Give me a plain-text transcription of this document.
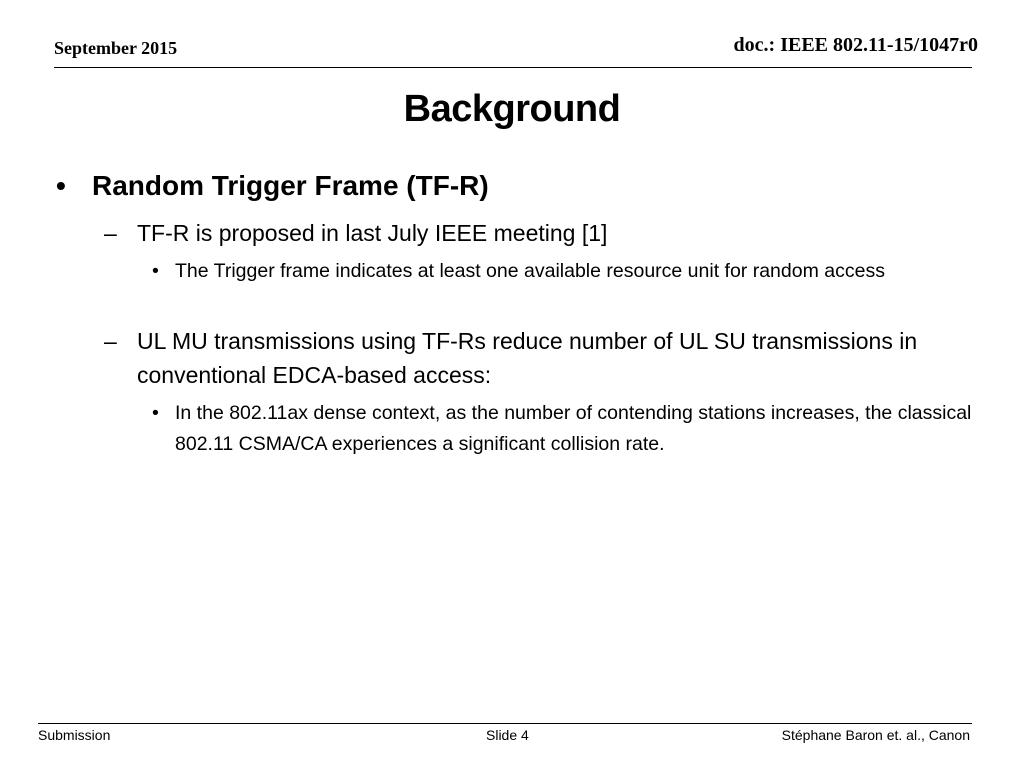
September 2015	doc.: IEEE 802.11-15/1047r0
Background
• Random Trigger Frame (TF-R)
– TF-R is proposed in last July IEEE meeting [1]
• The Trigger frame indicates at least one available resource unit for random access
– UL MU transmissions using TF-Rs reduce number of UL SU transmissions in conventional EDCA-based access:
• In the 802.11ax dense context, as the number of contending stations increases, the classical 802.11 CSMA/CA experiences a significant collision rate.
Submission	Slide 4	Stéphane Baron et. al., Canon
